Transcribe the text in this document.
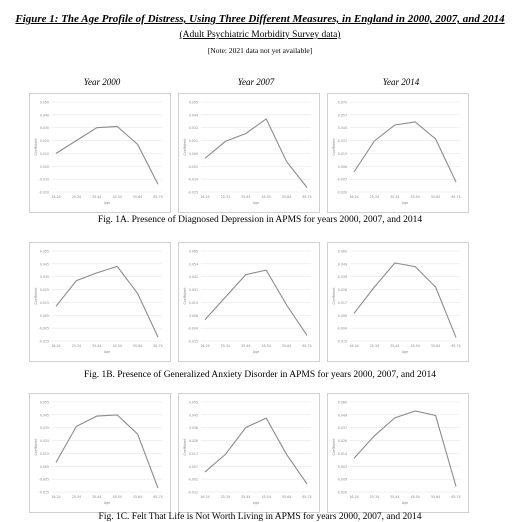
Figure 1: The Age Profile of Distress, Using Three Different Measures, in England in 2000, 2007, and 2014
(Adult Psychiatric Morbidity Survey data)
[Note: 2021 data not yet available]
Year 2000	Year 2007	Year 2014
-0.020
-0.010
0.000
0.010
0.020
0.030
0.040
0.050
16-24	25-34	35-44	45-54	55-64	65-74
Age
Coefficient
-0.025
-0.014
-0.002
0.009
0.021
0.032
0.044
0.055
16-24	25-34	35-44	45-54	55-64	65-74
Age
Coefficient
-0.020
-0.007
0.006
0.019
0.031
0.044
0.057
0.070
16-24	25-34	35-44	45-54	55-64	65-74
Age
Coefficient
Fig. 1A. Presence of Diagnosed Depression in APMS for years 2000, 2007, and 2014
-0.015
-0.005
0.005
0.015
0.025
0.035
0.045
0.055
16-24	25-34	35-44	45-54	55-64	65-74
Age
Coefficient
-0.015
-0.004
0.008
0.019
0.031
0.042
0.054
0.065
16-24	25-34	35-44	45-54	55-64	65-74
Age
Coefficient
-0.015
-0.004
0.006
0.017
0.028
0.039
0.049
0.060
16-24	25-34	35-44	45-54	55-64	65-74
Age
Coefficient
Fig. 1B. Presence of Generalized Anxiety Disorder in APMS for years 2000, 2007, and 2014
-0.015
-0.005
0.005
0.015
0.025
0.035
0.045
0.055
16-24	25-34	35-44	45-54	55-64	65-74
Age
Coefficient
-0.012
-0.002
0.007
0.017
0.026
0.036
0.045
0.055
16-24	25-34	35-44	45-54	55-64	65-74
Age
Coefficient
-0.020
-0.009
0.003
0.014
0.026
0.037
0.049
0.060
16-24	25-34	35-44	45-54	55-64	65-74
Age
Coefficient
Fig. 1C. Felt That Life is Not Worth Living in APMS for years 2000, 2007, and 2014
